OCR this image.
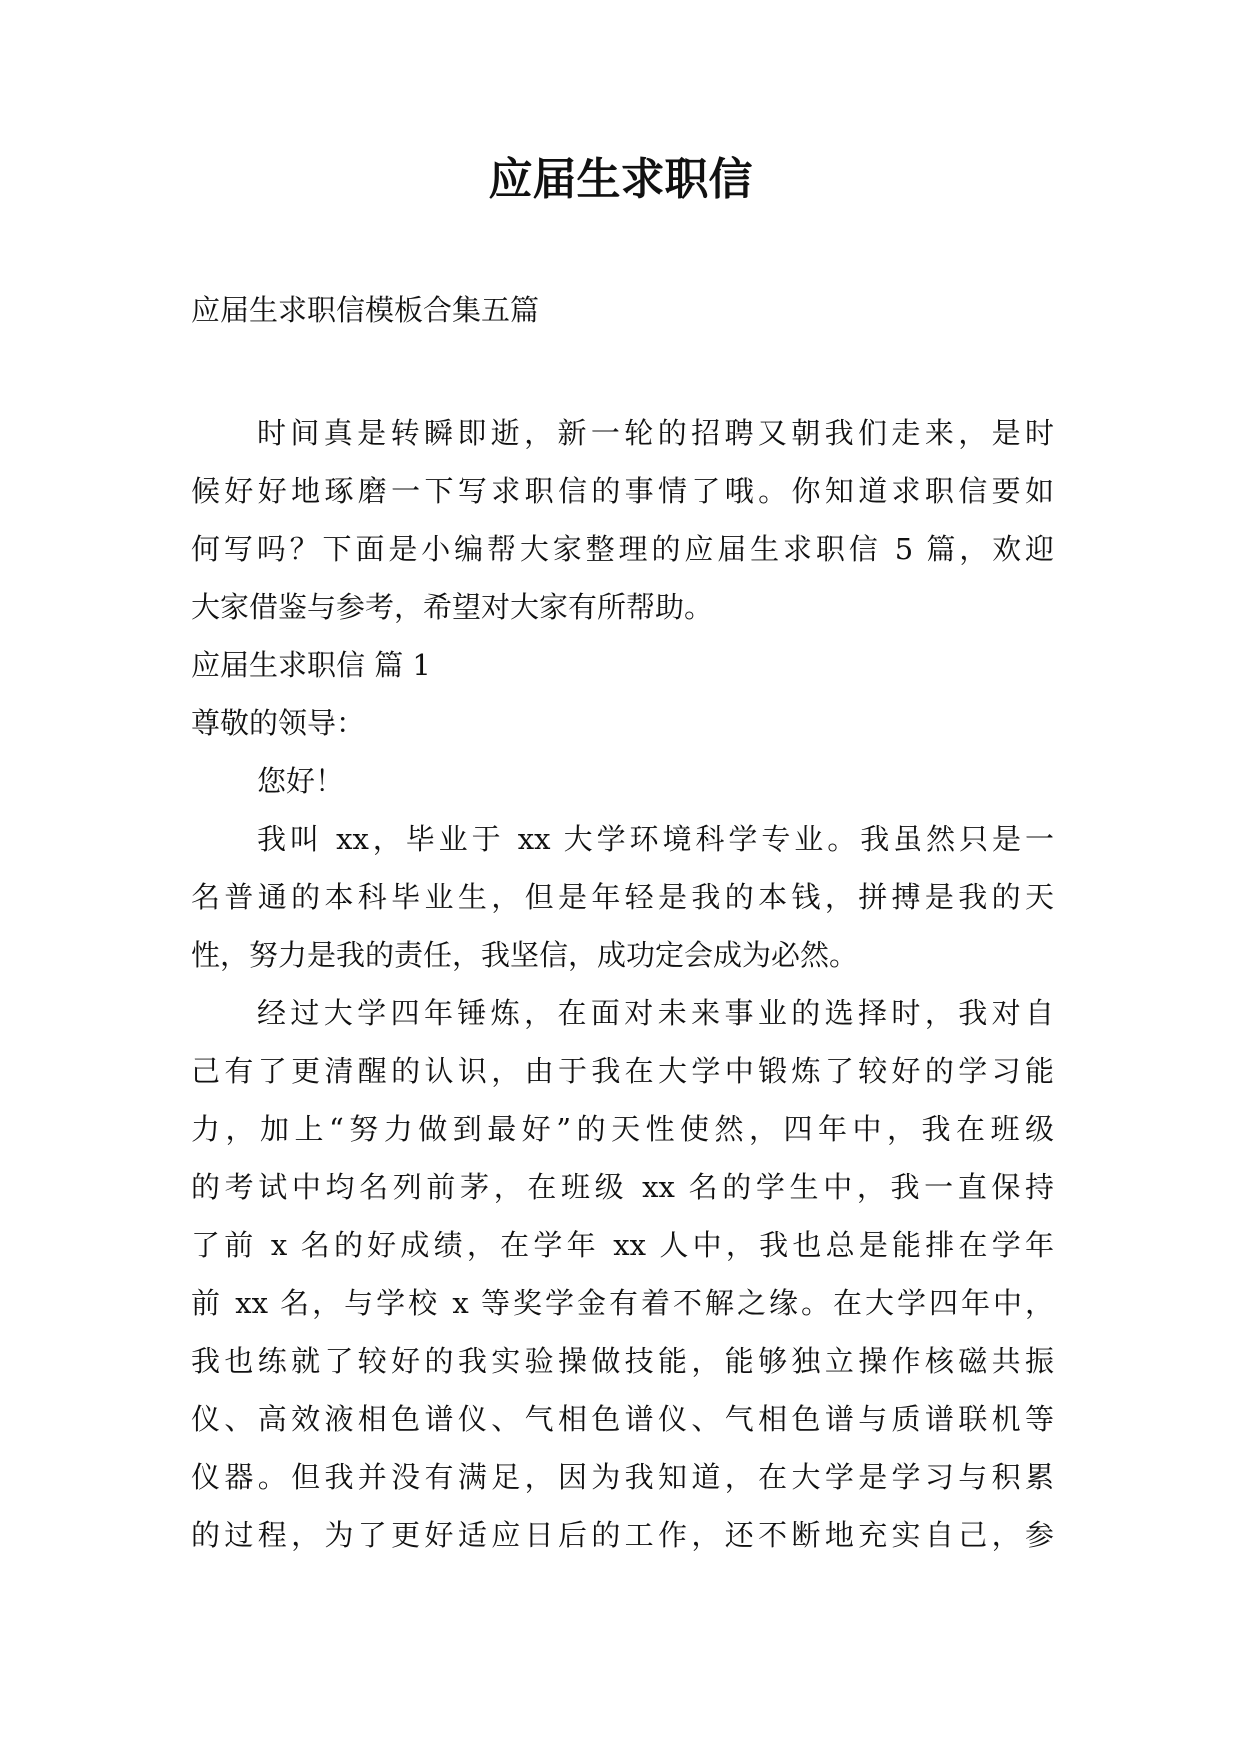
应届生求职信

应届生求职信模板合集五篇

时间真是转瞬即逝，新一轮的招聘又朝我们走来，是时
候好好地琢磨一下写求职信的事情了哦。你知道求职信要如
何写吗？下面是小编帮大家整理的应届生求职信 5 篇，欢迎
大家借鉴与参考，希望对大家有所帮助。
应届生求职信 篇 1
尊敬的领导：
您好！
我叫 xx，毕业于 xx 大学环境科学专业。我虽然只是一
名普通的本科毕业生，但是年轻是我的本钱，拼搏是我的天
性，努力是我的责任，我坚信，成功定会成为必然。
经过大学四年锤炼，在面对未来事业的选择时，我对自
己有了更清醒的认识，由于我在大学中锻炼了较好的学习能
力，加上“努力做到最好”的天性使然，四年中，我在班级
的考试中均名列前茅，在班级 xx 名的学生中，我一直保持
了前 x 名的好成绩，在学年 xx 人中，我也总是能排在学年
前 xx 名，与学校 x 等奖学金有着不解之缘。在大学四年中，
我也练就了较好的我实验操做技能，能够独立操作核磁共振
仪、高效液相色谱仪、气相色谱仪、气相色谱与质谱联机等
仪器。但我并没有满足，因为我知道，在大学是学习与积累
的过程，为了更好适应日后的工作，还不断地充实自己，参
